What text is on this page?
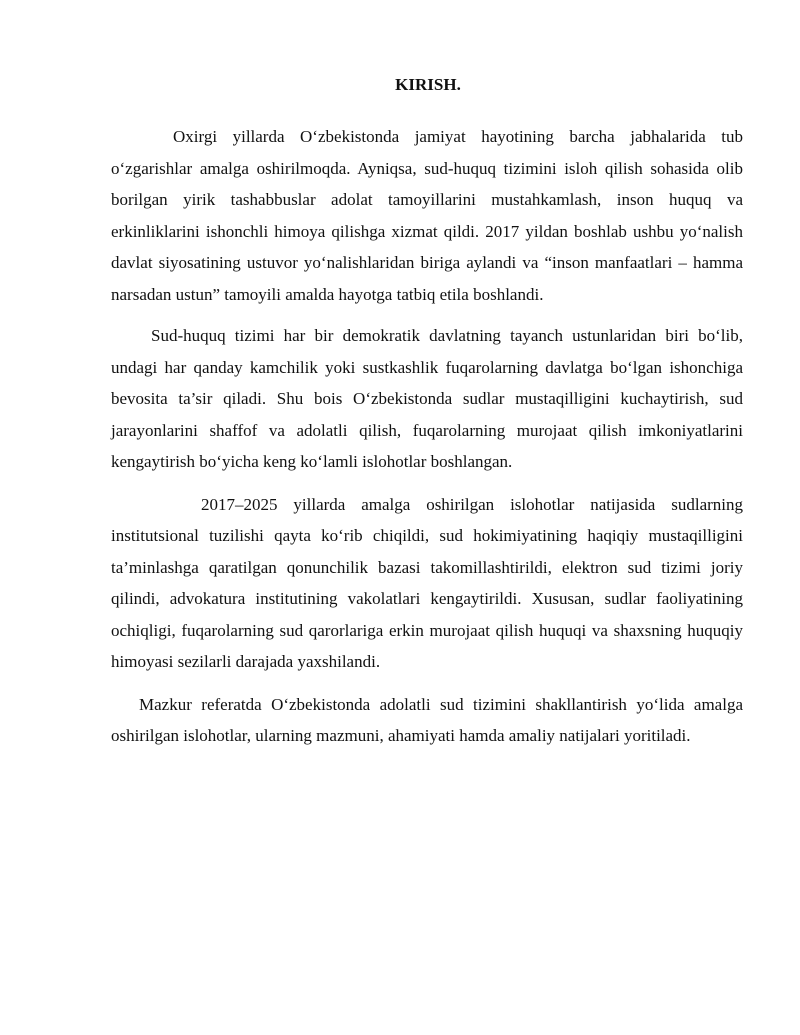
KIRISH.

Oxirgi yillarda O‘zbekistonda jamiyat hayotining barcha jabhalarida tub o‘zgarishlar amalga oshirilmoqda. Ayniqsa, sud-huquq tizimini isloh qilish sohasida olib borilgan yirik tashabbuslar adolat tamoyillarini mustahkamlash, inson huquq va erkinliklarini ishonchli himoya qilishga xizmat qildi. 2017 yildan boshlab ushbu yo‘nalish davlat siyosatining ustuvor yo‘nalishlaridan biriga aylandi va “inson manfaatlari – hamma narsadan ustun” tamoyili amalda hayotga tatbiq etila boshlandi.

Sud-huquq tizimi har bir demokratik davlatning tayanch ustunlaridan biri bo‘lib, undagi har qanday kamchilik yoki sustkashlik fuqarolarning davlatga bo‘lgan ishonchiga bevosita ta’sir qiladi. Shu bois O‘zbekistonda sudlar mustaqilligini kuchaytirish, sud jarayonlarini shaffof va adolatli qilish, fuqarolarning murojaat qilish imkoniyatlarini kengaytirish bo‘yicha keng ko‘lamli islohotlar boshlangan.

2017–2025 yillarda amalga oshirilgan islohotlar natijasida sudlarning institutsional tuzilishi qayta ko‘rib chiqildi, sud hokimiyatining haqiqiy mustaqilligini ta’minlashga qaratilgan qonunchilik bazasi takomillashtirildi, elektron sud tizimi joriy qilindi, advokatura institutining vakolatlari kengaytirildi. Xususan, sudlar faoliyatining ochiqligi, fuqarolarning sud qarorlariga erkin murojaat qilish huquqi va shaxsning huquqiy himoyasi sezilarli darajada yaxshilandi.

Mazkur referatda O‘zbekistonda adolatli sud tizimini shakllantirish yo‘lida amalga oshirilgan islohotlar, ularning mazmuni, ahamiyati hamda amaliy natijalari yoritiladi.
